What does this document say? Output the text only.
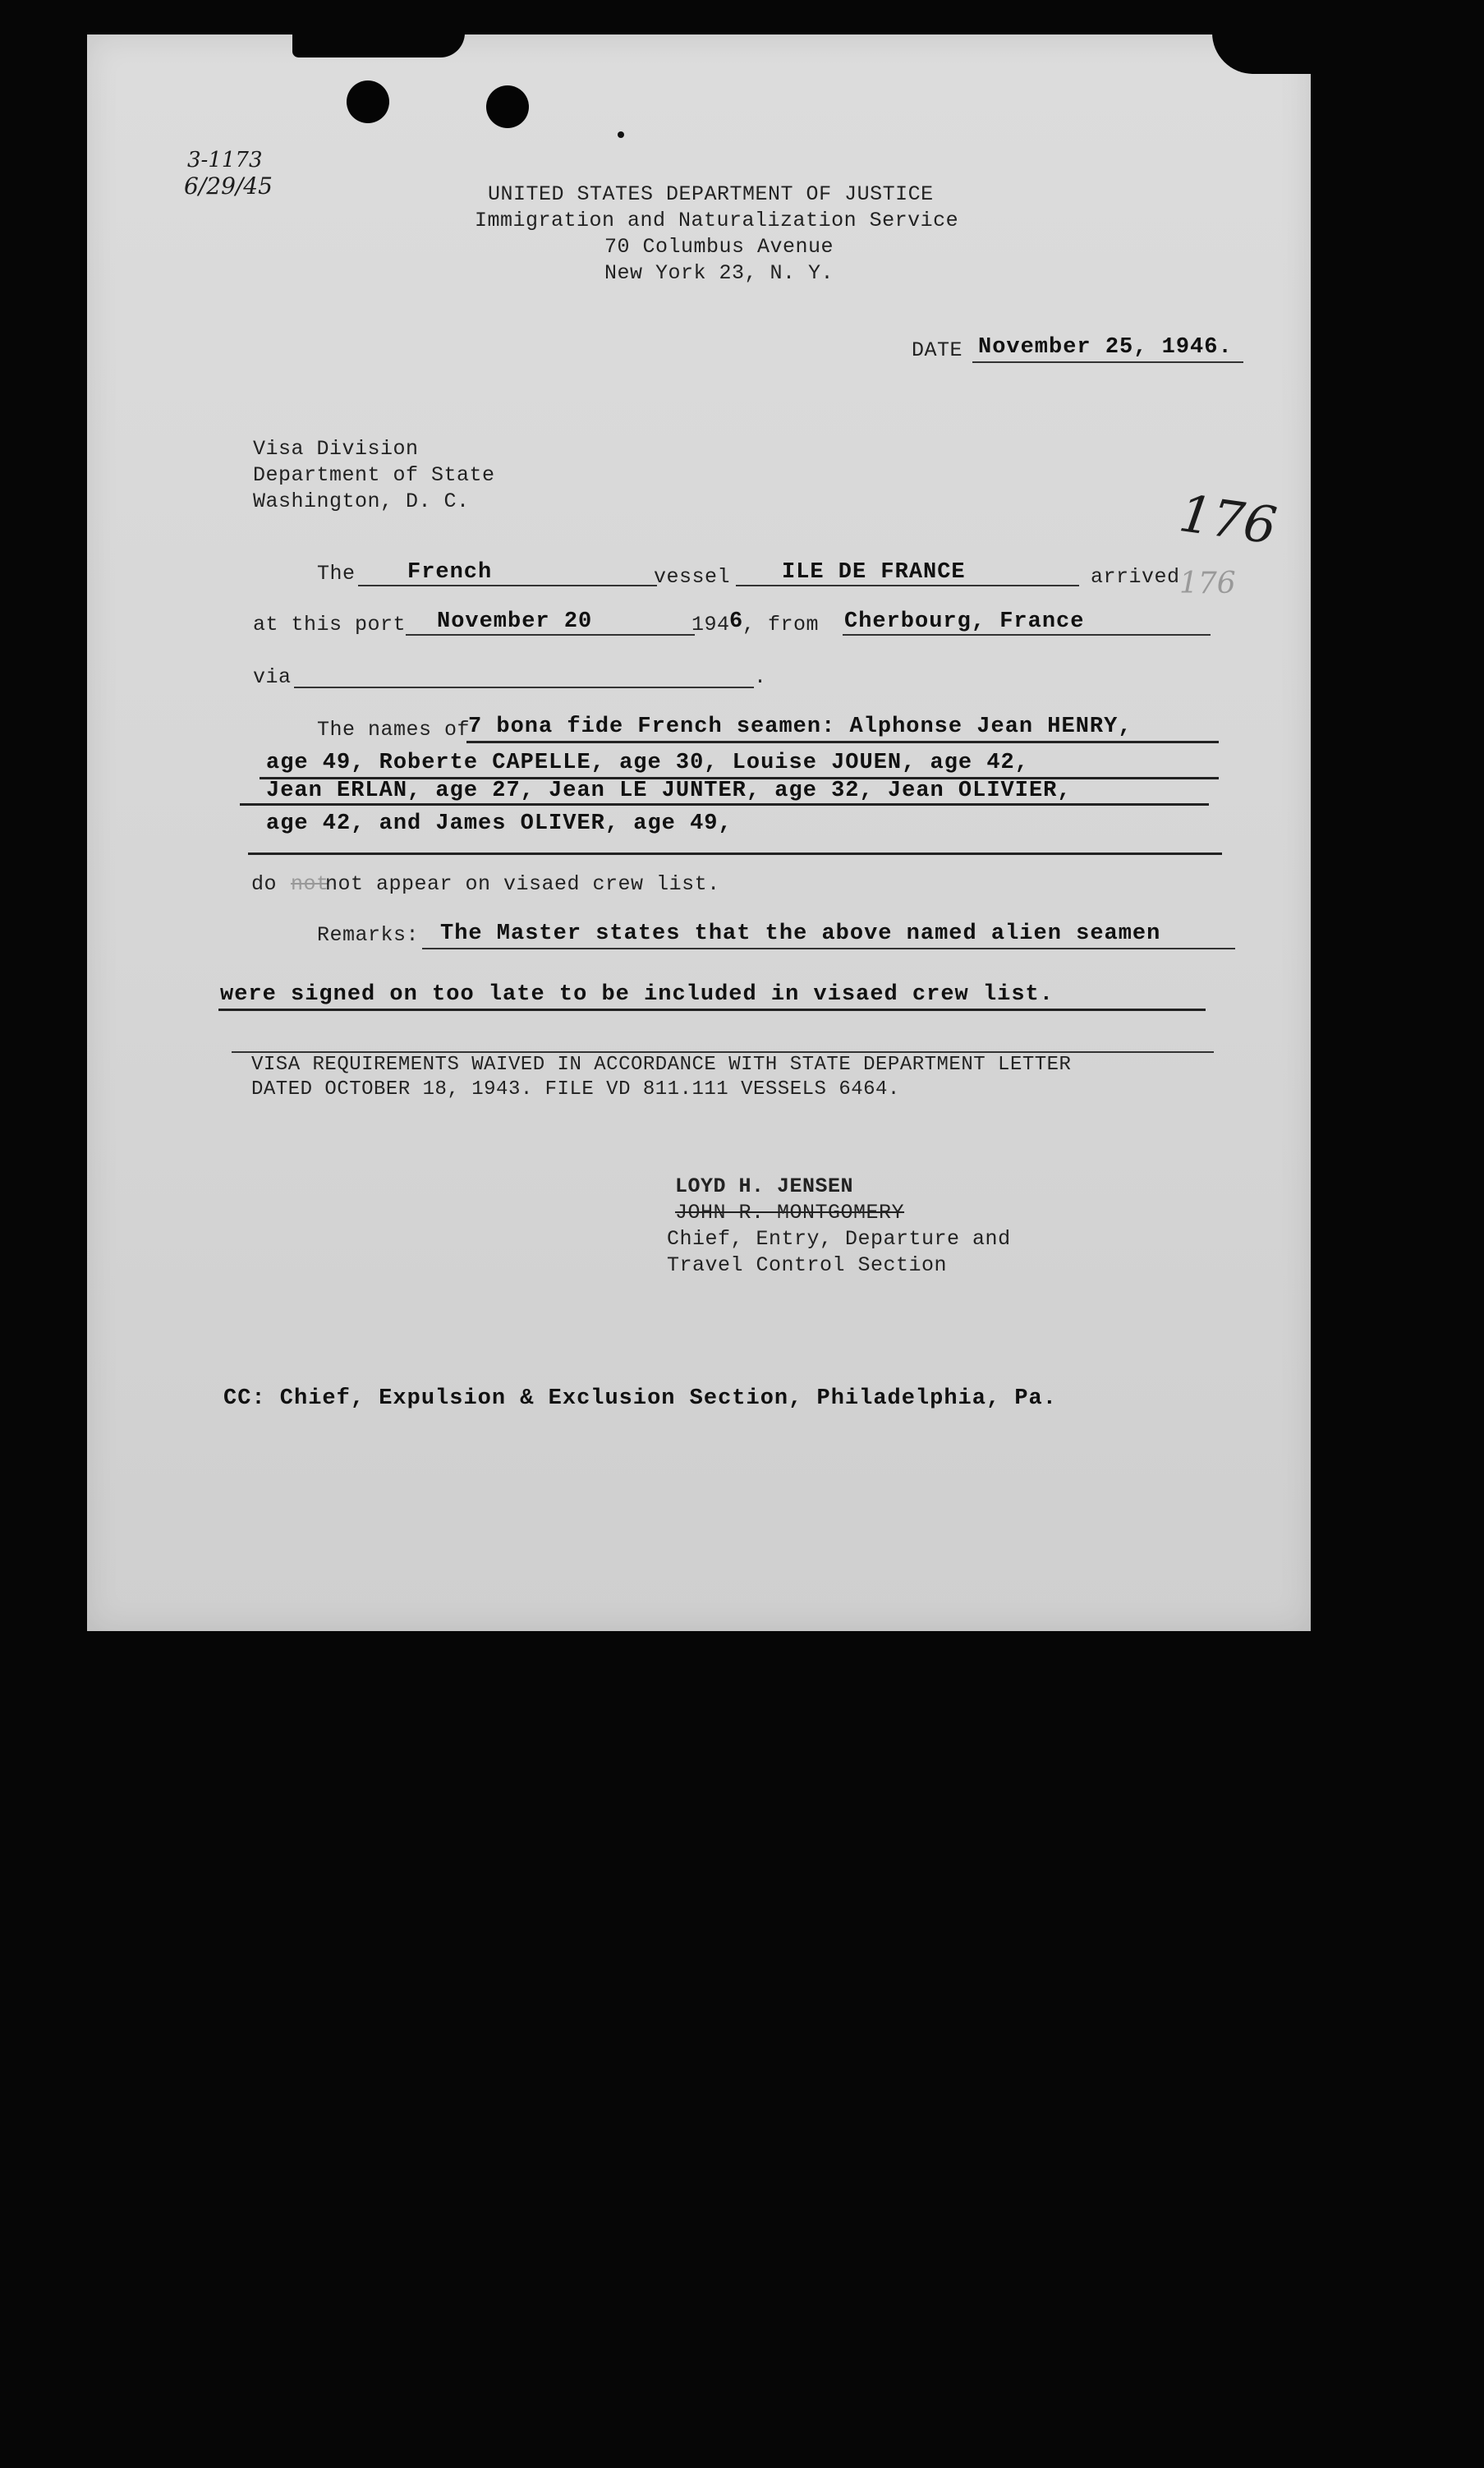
3-1173
6/29/45	UNITED STATES DEPARTMENT OF JUSTICE
Immigration and Naturalization Service
70 Columbus Avenue
New York 23, N. Y.
DATE November 25, 1946.
Visa Division
Department of State
Washington, D. C.	176
176
The French	vessel ILE DE FRANCE	arrived
at this port November 20	194 6
, from Cherbourg, France
via	.
The names of
7 bona fide French seamen: Alphonse Jean HENRY,
age 49, Roberte CAPELLE, age 30, Louise JOUEN, age 42,
Jean ERLAN, age 27, Jean LE JUNTER, age 32, Jean OLIVIER,
age 42, and James OLIVER, age 49,
do not
not appear on visaed crew list.
Remarks: The Master states that the above named alien seamen
were signed on too late to be included in visaed crew list.
VISA REQUIREMENTS WAIVED IN ACCORDANCE WITH STATE DEPARTMENT LETTER
DATED OCTOBER 18, 1943. FILE VD 811.111 VESSELS 6464.
LOYD H. JENSEN
JOHN R. MONTGOMERY
Chief, Entry, Departure and
Travel Control Section
CC: Chief, Expulsion & Exclusion Section, Philadelphia, Pa.
